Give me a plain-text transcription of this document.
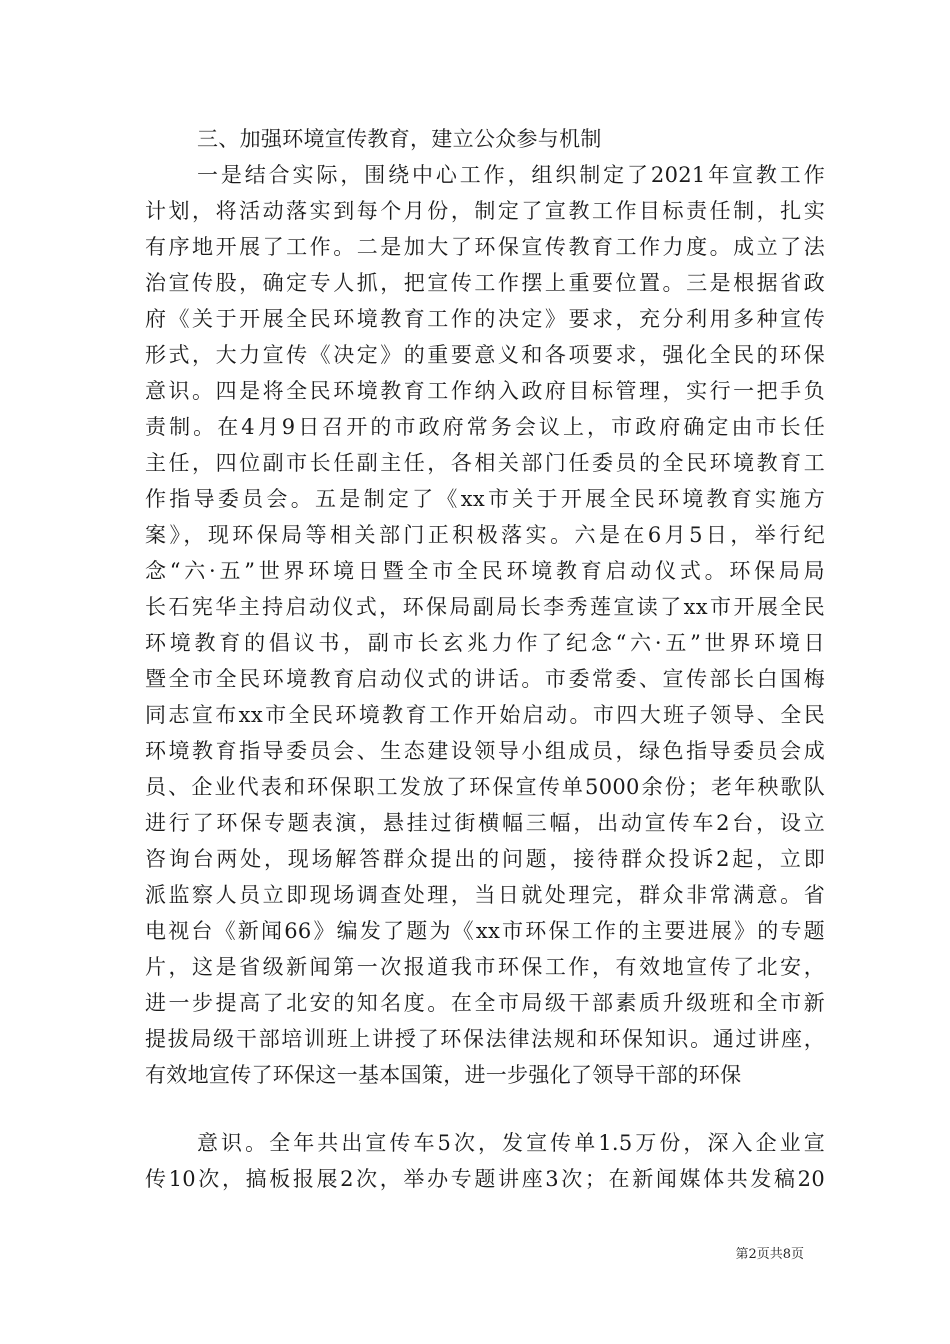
三、加强环境宣传教育，建立公众参与机制
一是结合实际，围绕中心工作，组织制定了2021年宣教工作
计划，将活动落实到每个月份，制定了宣教工作目标责任制，扎实
有序地开展了工作。二是加大了环保宣传教育工作力度。成立了法
治宣传股，确定专人抓，把宣传工作摆上重要位置。三是根据省政
府《关于开展全民环境教育工作的决定》要求，充分利用多种宣传
形式，大力宣传《决定》的重要意义和各项要求，强化全民的环保
意识。四是将全民环境教育工作纳入政府目标管理，实行一把手负
责制。在4月9日召开的市政府常务会议上，市政府确定由市长任
主任，四位副市长任副主任，各相关部门任委员的全民环境教育工
作指导委员会。五是制定了《xx市关于开展全民环境教育实施方
案》，现环保局等相关部门正积极落实。六是在6月5日，举行纪
念“六·五”世界环境日暨全市全民环境教育启动仪式。环保局局
长石宪华主持启动仪式，环保局副局长李秀莲宣读了xx市开展全民
环境教育的倡议书，副市长玄兆力作了纪念“六·五”世界环境日
暨全市全民环境教育启动仪式的讲话。市委常委、宣传部长白国梅
同志宣布xx市全民环境教育工作开始启动。市四大班子领导、全民
环境教育指导委员会、生态建设领导小组成员，绿色指导委员会成
员、企业代表和环保职工发放了环保宣传单5000余份；老年秧歌队
进行了环保专题表演，悬挂过街横幅三幅，出动宣传车2台，设立
咨询台两处，现场解答群众提出的问题，接待群众投诉2起，立即
派监察人员立即现场调查处理，当日就处理完，群众非常满意。省
电视台《新闻66》编发了题为《xx市环保工作的主要进展》的专题
片，这是省级新闻第一次报道我市环保工作，有效地宣传了北安，
进一步提高了北安的知名度。在全市局级干部素质升级班和全市新
提拔局级干部培训班上讲授了环保法律法规和环保知识。通过讲座，
有效地宣传了环保这一基本国策，进一步强化了领导干部的环保
意识。全年共出宣传车5次，发宣传单1.5万份，深入企业宣
传10次，搞板报展2次，举办专题讲座3次；在新闻媒体共发稿20
第2页共8页
